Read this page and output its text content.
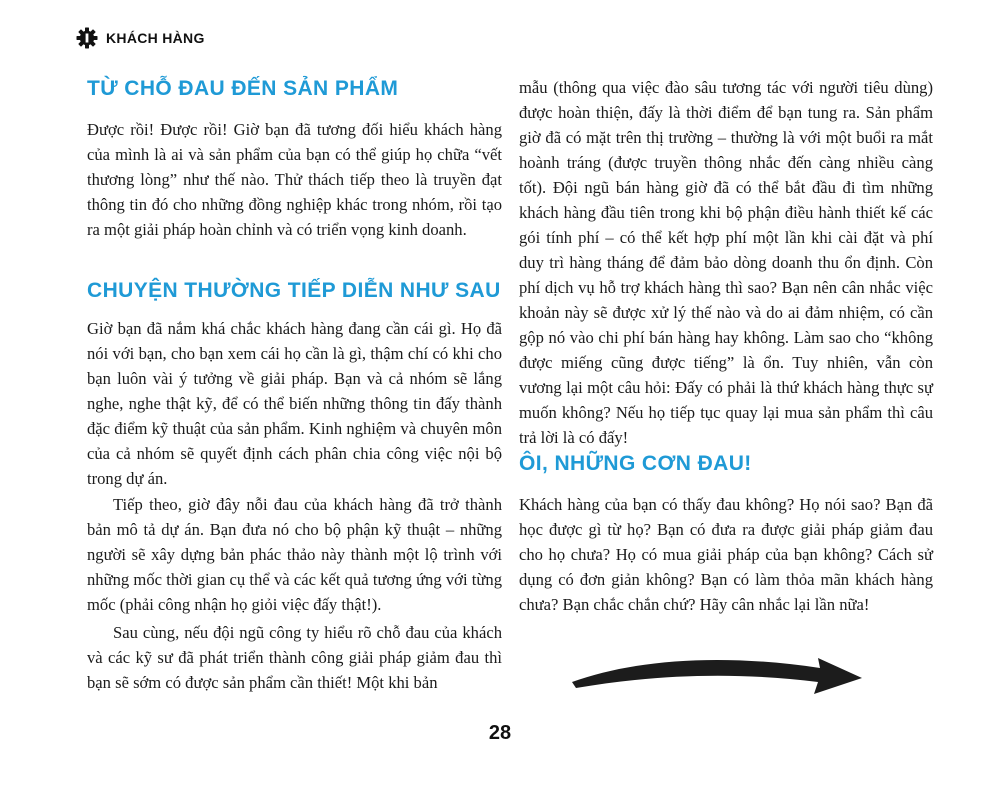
KHÁCH HÀNG
TỪ CHỖ ĐAU ĐẾN SẢN PHẨM

Được rồi! Được rồi! Giờ bạn đã tương đối hiểu khách hàng của mình là ai và sản phẩm của bạn có thể giúp họ chữa “vết thương lòng” như thế nào. Thử thách tiếp theo là truyền đạt thông tin đó cho những đồng nghiệp khác trong nhóm, rồi tạo ra một giải pháp hoàn chỉnh và có triển vọng kinh doanh.

CHUYỆN THƯỜNG TIẾP DIỄN NHƯ SAU

Giờ bạn đã nắm khá chắc khách hàng đang cần cái gì. Họ đã nói với bạn, cho bạn xem cái họ cần là gì, thậm chí có khi cho bạn luôn vài ý tưởng về giải pháp. Bạn và cả nhóm sẽ lắng nghe, nghe thật kỹ, để có thể biến những thông tin đấy thành đặc điểm kỹ thuật của sản phẩm. Kinh nghiệm và chuyên môn của cả nhóm sẽ quyết định cách phân chia công việc nội bộ trong dự án.

Tiếp theo, giờ đây nỗi đau của khách hàng đã trở thành bản mô tả dự án. Bạn đưa nó cho bộ phận kỹ thuật – những người sẽ xây dựng bản phác thảo này thành một lộ trình với những mốc thời gian cụ thể và các kết quả tương ứng với từng mốc (phải công nhận họ giỏi việc đấy thật!).

Sau cùng, nếu đội ngũ công ty hiểu rõ chỗ đau của khách và các kỹ sư đã phát triển thành công giải pháp giảm đau thì bạn sẽ sớm có được sản phẩm cần thiết! Một khi bản

mẫu (thông qua việc đào sâu tương tác với người tiêu dùng) được hoàn thiện, đấy là thời điểm để bạn tung ra. Sản phẩm giờ đã có mặt trên thị trường – thường là với một buổi ra mắt hoành tráng (được truyền thông nhắc đến càng nhiều càng tốt). Đội ngũ bán hàng giờ đã có thể bắt đầu đi tìm những khách hàng đầu tiên trong khi bộ phận điều hành thiết kế các gói tính phí – có thể kết hợp phí một lần khi cài đặt và phí duy trì hàng tháng để đảm bảo dòng doanh thu ổn định. Còn phí dịch vụ hỗ trợ khách hàng thì sao? Bạn nên cân nhắc việc khoản này sẽ được xử lý thế nào và do ai đảm nhiệm, có cần gộp nó vào chi phí bán hàng hay không. Làm sao cho “không được miếng cũng được tiếng” là ổn. Tuy nhiên, vẫn còn vương lại một câu hỏi: Đấy có phải là thứ khách hàng thực sự muốn không? Nếu họ tiếp tục quay lại mua sản phẩm thì câu trả lời là có đấy!

ÔI, NHỮNG CƠN ĐAU!

Khách hàng của bạn có thấy đau không? Họ nói sao? Bạn đã học được gì từ họ? Bạn có đưa ra được giải pháp giảm đau cho họ chưa? Họ có mua giải pháp của bạn không? Cách sử dụng có đơn giản không? Bạn có làm thỏa mãn khách hàng chưa? Bạn chắc chắn chứ? Hãy cân nhắc lại lần nữa!

28
